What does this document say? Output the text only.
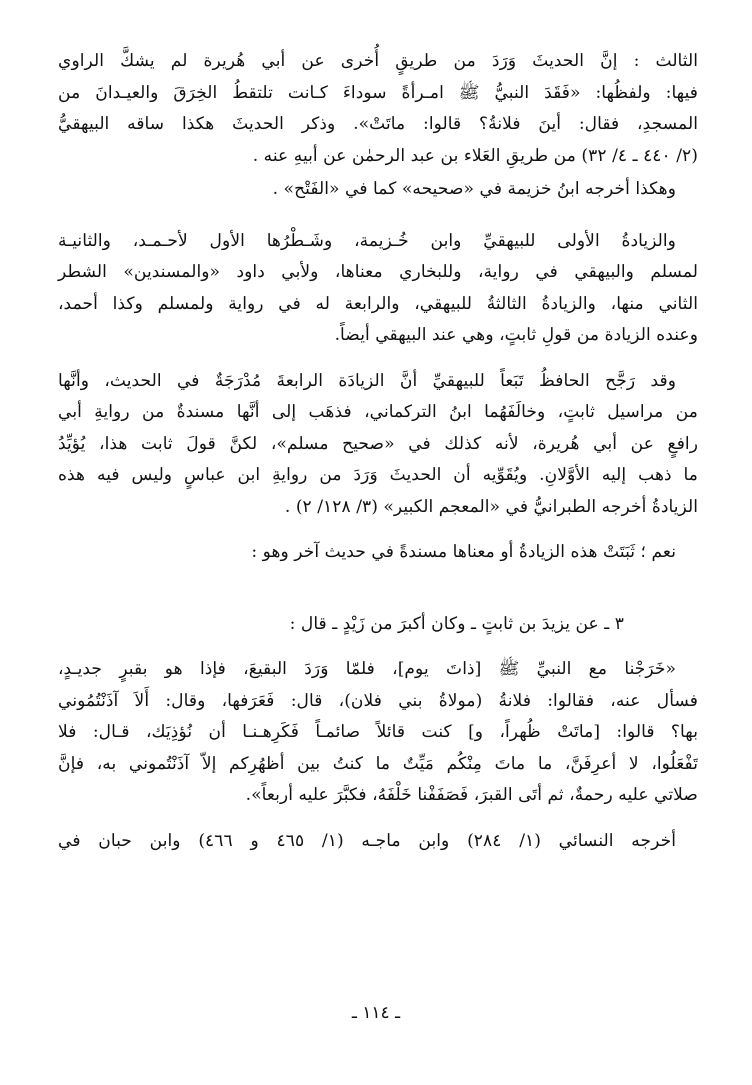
الثالث : إنَّ الحديثَ وَرَدَ من طريقٍ أُخرى عن أبي هُريرة لم يشكَّ الراوي
فيها: ولفظُها: «فَقَدَ النبيُّ ﷺ امـرأةً سوداءَ كـانت تلتقطُ الخِرَقَ والعيـدانَ من
المسجدِ، فقال: أينَ فلانةُ؟ قالوا: ماتَتْ». وذكر الحديثَ هكذا ساقه البيهقيُّ
(٢/ ٤٤٠ ـ ٤/ ٣٢) من طريقِ العَلاء بن عبد الرحمٰن عن أبيهِ عنه .

وهكذا أخرجه ابنُ خزيمة في «صحيحه» كما في «الفَتْح» .

والزيادةُ الأولى للبيهقيِّ وابن خُـزيمة، وشَـطْرُها الأول لأحـمـد، والثانيـة
لمسلم والبيهقي في رواية، وللبخاري معناها، ولأبي داود «والمسندين» الشطر
الثاني منها، والزيادةُ الثالثةُ للبيهقي، والرابعة له في رواية ولمسلم وكذا أحمد،
وعنده الزيادة من قولِ ثابتٍ، وهي عند البيهقي أيضاً.

وقد رَجَّح الحافظُ تَبَعاً للبيهقيِّ أنَّ الزيادَة الرابعةَ مُدْرَجَةٌ في الحديث، وأنَّها
من مراسيل ثابتٍ، وخالَفَهُما ابنُ التركماني، فذهَب إلى أنَّها مسندةٌ من روايةِ أبي
رافعٍ عن أبي هُريرة، لأنه كذلك في «صحيح مسلم»، لكنَّ قولَ ثابت هذا، يُؤيِّدُ
ما ذهب إليه الأوَّلانِ. ويُقَوِّيه أن الحديثَ وَرَدَ من روايةِ ابن عباسٍ وليس فيه هذه
الزيادةُ أخرجه الطبرانيُّ في «المعجم الكبير» (٣/ ١٢٨/ ٢) .

نعم ؛ ثَبَتَتْ هذه الزيادةُ أو معناها مسندةً في حديث آخر وهو :

٣ ـ عن يزيدَ بن ثابتٍ ـ وكان أكبرَ من زَيْدٍ ـ قال :

«خَرَجْنا مع النبيِّ ﷺ [ذاتَ يوم]، فلمّا وَرَدَ البقيعَ، فإذا هو بقبرٍ جديـدٍ،
فسأل عنه، فقالوا: فلانةُ (مولاةُ بني فلان)، قال: فَعَرَفها، وقال: أَلاَ آذَنْتُمُوني
بها؟ قالوا: [ماتَتْ ظُهراً، و] كنت قائلاً صائمـاً فَكَرِهـنـا أن نُؤذِيَك، قـال: فلا
تَفْعَلُوا، لا أعرِفَنَّ، ما ماتَ مِنْكُم مَيِّتٌ ما كنتُ بين أظهُرِكم إلاّ آذَنْتُموني به، فإنَّ
صلاتي عليه رحمةٌ، ثم أتَى القبرَ، فَصَفَفْنا خَلْفَهُ، فكبَّرَ عليه أربعاً».

أخرجه النسائي (١/ ٢٨٤) وابن ماجـه (١/ ٤٦٥ و ٤٦٦) وابن حبان في

ـ ١١٤ ـ
